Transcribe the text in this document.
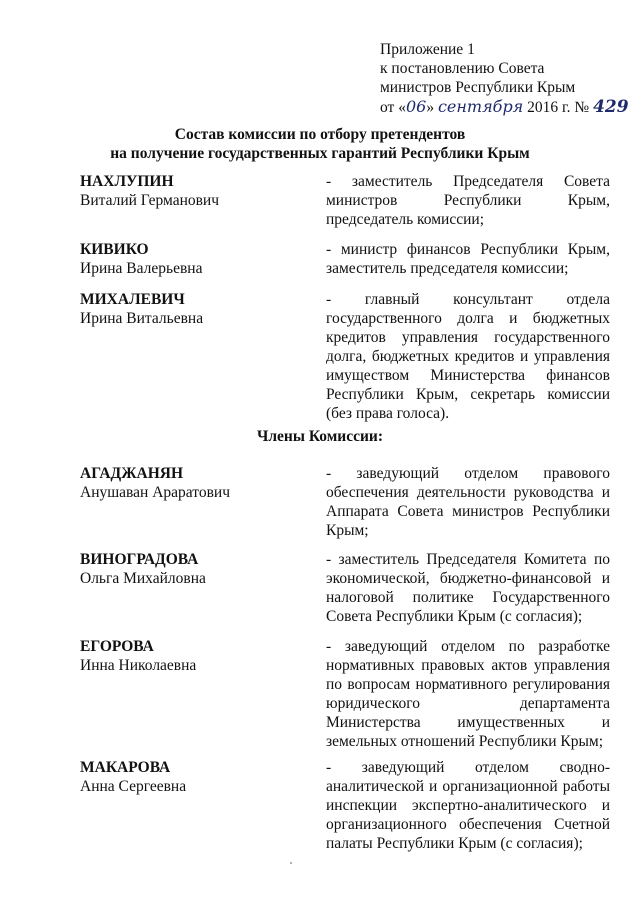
Приложение 1
к постановлению Совета
министров Республики Крым
от «06» сентября 2016 г. № 429
Состав комиссии по отбору претендентов
на получение государственных гарантий Республики Крым
НАХЛУПИН
Виталий Германович
- заместитель Председателя Совета министров Республики Крым, председатель комиссии;
КИВИКО
Ирина Валерьевна
- министр финансов Республики Крым, заместитель председателя комиссии;
МИХАЛЕВИЧ
Ирина Витальевна
- главный консультант отдела государственного долга и бюджетных кредитов управления государственного долга, бюджетных кредитов и управления имуществом Министерства финансов Республики Крым, секретарь комиссии (без права голоса).
Члены Комиссии:
АГАДЖАНЯН
Анушаван Араратович
- заведующий отделом правового обеспечения деятельности руководства и Аппарата Совета министров Республики Крым;
ВИНОГРАДОВА
Ольга Михайловна
- заместитель Председателя Комитета по экономической, бюджетно-финансовой и налоговой политике Государственного Совета Республики Крым (с согласия);
ЕГОРОВА
Инна Николаевна
- заведующий отделом по разработке нормативных правовых актов управления по вопросам нормативного регулирования юридического департамента Министерства имущественных и земельных отношений Республики Крым;
МАКАРОВА
Анна Сергеевна
- заведующий отделом сводно-аналитической и организационной работы инспекции экспертно-аналитического и организационного обеспечения Счетной палаты Республики Крым (с согласия);
